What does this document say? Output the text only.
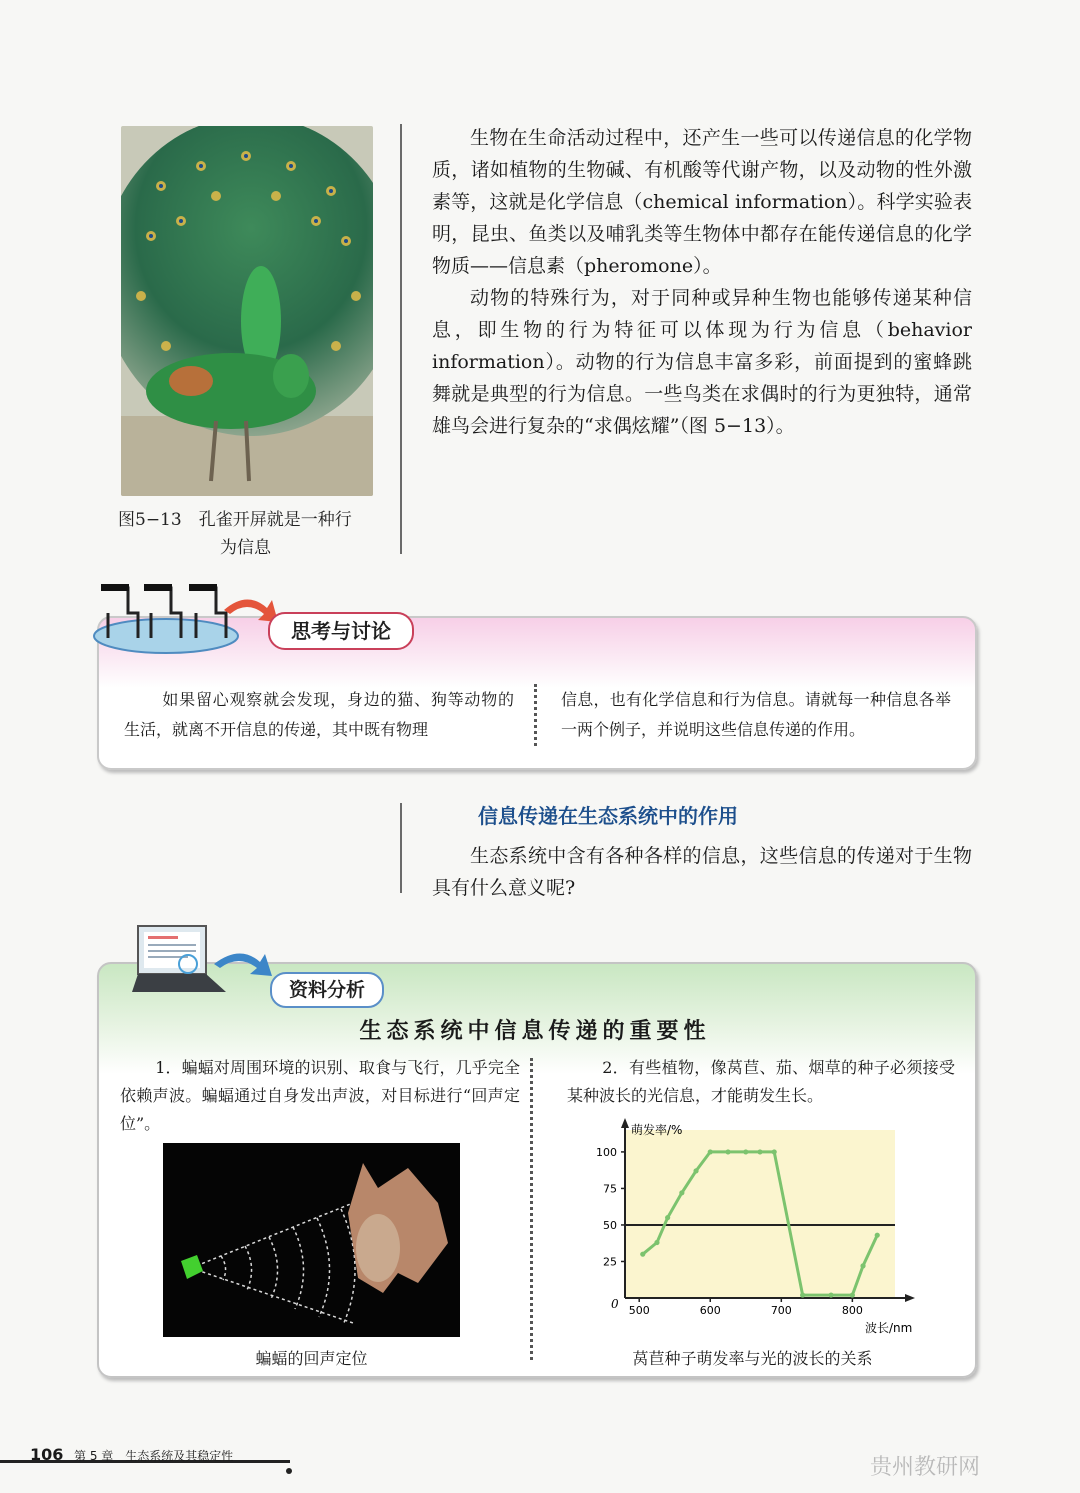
图5−13　孔雀开屏就是一种行
为信息

生物在生命活动过程中，还产生一些可以传递信息的化学物质，诸如植物的生物碱、有机酸等代谢产物，以及动物的性外激素等，这就是化学信息（chemical information）。科学实验表明，昆虫、鱼类以及哺乳类等生物体中都存在能传递信息的化学物质——信息素（pheromone）。

动物的特殊行为，对于同种或异种生物也能够传递某种信息，即生物的行为特征可以体现为行为信息（behavior information）。动物的行为信息丰富多彩，前面提到的蜜蜂跳舞就是典型的行为信息。一些鸟类在求偶时的行为更独特，通常雄鸟会进行复杂的“求偶炫耀”（图 5−13）。

思考与讨论
如果留心观察就会发现，身边的猫、狗等动物的生活，就离不开信息的传递，其中既有物理
信息，也有化学信息和行为信息。请就每一种信息各举一两个例子，并说明这些信息传递的作用。
信息传递在生态系统中的作用

生态系统中含有各种各样的信息，这些信息的传递对于生物具有什么意义呢?

资料分析
生态系统中信息传递的重要性
1．蝙蝠对周围环境的识别、取食与飞行，几乎完全依赖声波。蝙蝠通过自身发出声波，对目标进行“回声定位”。
2．有些植物，像莴苣、茄、烟草的种子必须接受某种波长的光信息，才能萌发生长。
蝙蝠的回声定位
25
50
75
100
500	600	700	800
萌发率/%
波长/nm
0
莴苣种子萌发率与光的波长的关系
106 第 5 章　生态系统及其稳定性	贵州教研网
